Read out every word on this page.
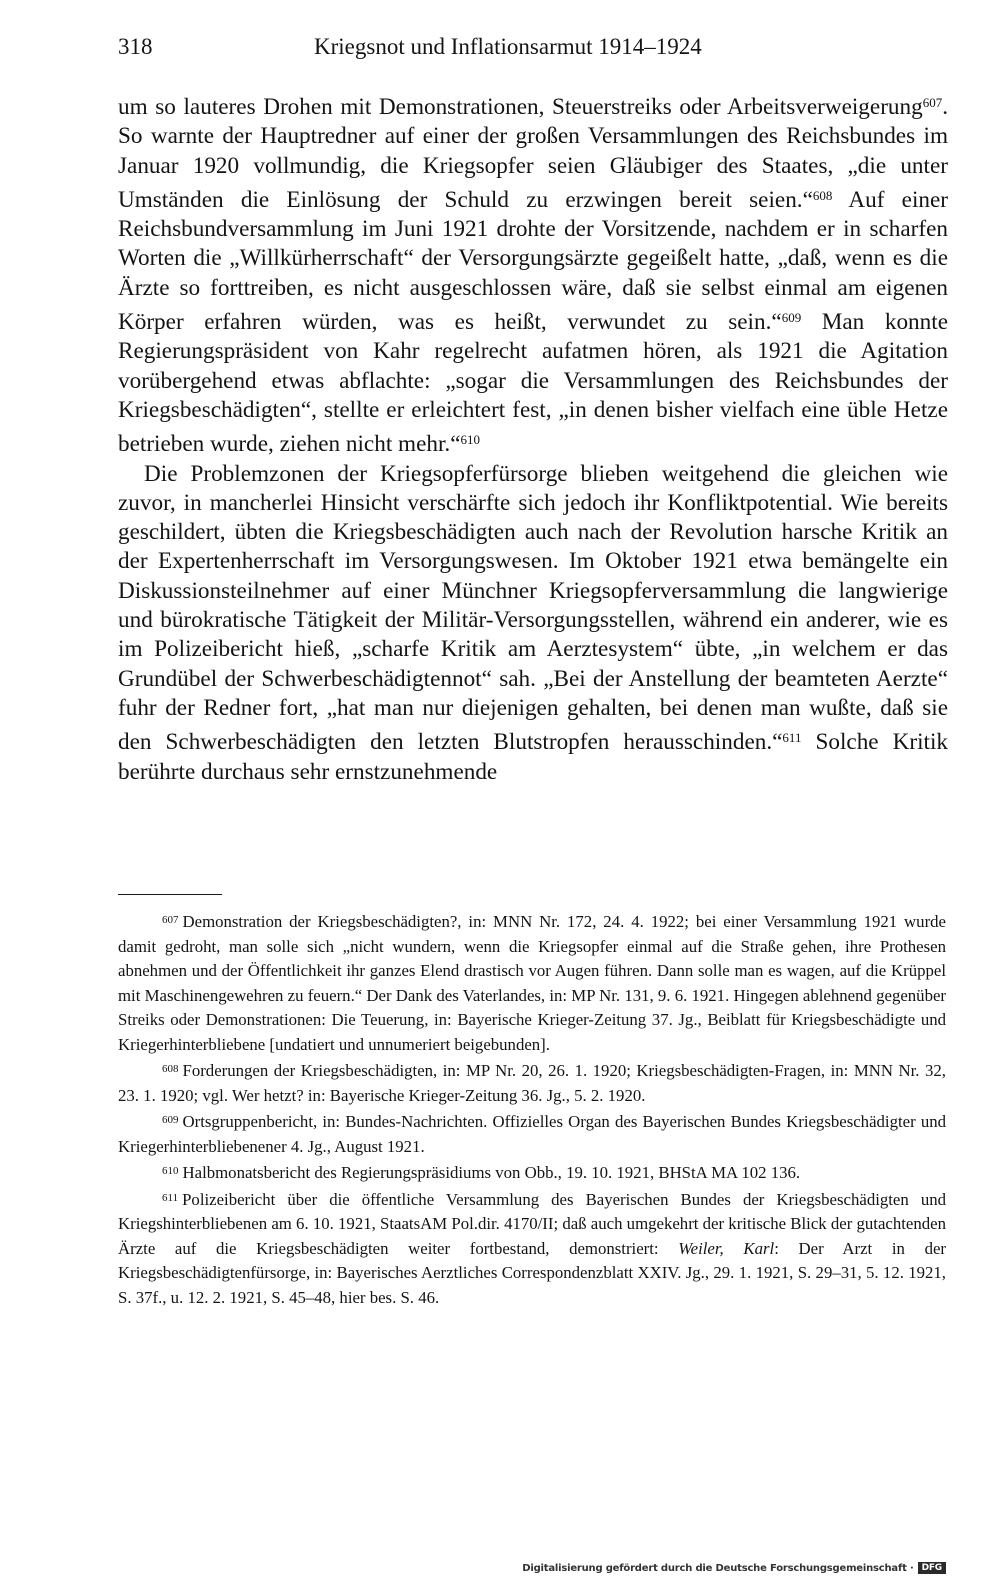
318	Kriegsnot und Inflationsarmut 1914–1924

um so lauteres Drohen mit Demonstrationen, Steuerstreiks oder Arbeitsverweigerung$^{607}$. So warnte der Hauptredner auf einer der großen Versammlungen des Reichsbundes im Januar 1920 vollmundig, die Kriegsopfer seien Gläubiger des Staates, „die unter Umständen die Einlösung der Schuld zu erzwingen bereit seien.“$^{608}$ Auf einer Reichsbundversammlung im Juni 1921 drohte der Vorsitzende, nachdem er in scharfen Worten die „Willkürherrschaft“ der Versorgungsärzte gegeißelt hatte, „daß, wenn es die Ärzte so forttreiben, es nicht ausgeschlossen wäre, daß sie selbst einmal am eigenen Körper erfahren würden, was es heißt, verwundet zu sein.“$^{609}$ Man konnte Regierungspräsident von Kahr regelrecht aufatmen hören, als 1921 die Agitation vorübergehend etwas abflachte: „sogar die Versammlungen des Reichsbundes der Kriegsbeschädigten“, stellte er erleichtert fest, „in denen bisher vielfach eine üble Hetze betrieben wurde, ziehen nicht mehr.“$^{610}$

Die Problemzonen der Kriegsopferfürsorge blieben weitgehend die gleichen wie zuvor, in mancherlei Hinsicht verschärfte sich jedoch ihr Konfliktpotential. Wie bereits geschildert, übten die Kriegsbeschädigten auch nach der Revolution harsche Kritik an der Expertenherrschaft im Versorgungswesen. Im Oktober 1921 etwa bemängelte ein Diskussionsteilnehmer auf einer Münchner Kriegsopferversammlung die langwierige und bürokratische Tätigkeit der Militär-Versorgungsstellen, während ein anderer, wie es im Polizeibericht hieß, „scharfe Kritik am Aerztesystem“ übte, „in welchem er das Grundübel der Schwerbeschädigtennot“ sah. „Bei der Anstellung der beamteten Aerzte“ fuhr der Redner fort, „hat man nur diejenigen gehalten, bei denen man wußte, daß sie den Schwerbeschädigten den letzten Blutstropfen herausschinden.“$^{611}$ Solche Kritik berührte durchaus sehr ernstzunehmende

$^{607}$ Demonstration der Kriegsbeschädigten?, in: MNN Nr. 172, 24. 4. 1922; bei einer Versammlung 1921 wurde damit gedroht, man solle sich „nicht wundern, wenn die Kriegsopfer einmal auf die Straße gehen, ihre Prothesen abnehmen und der Öffentlichkeit ihr ganzes Elend drastisch vor Augen führen. Dann solle man es wagen, auf die Krüppel mit Maschinengewehren zu feuern.“ Der Dank des Vaterlandes, in: MP Nr. 131, 9. 6. 1921. Hingegen ablehnend gegenüber Streiks oder Demonstrationen: Die Teuerung, in: Bayerische Krieger-Zeitung 37. Jg., Beiblatt für Kriegsbeschädigte und Kriegerhinterbliebene [undatiert und unnumeriert beigebunden].

$^{608}$ Forderungen der Kriegsbeschädigten, in: MP Nr. 20, 26. 1. 1920; Kriegsbeschädigten-Fragen, in: MNN Nr. 32, 23. 1. 1920; vgl. Wer hetzt? in: Bayerische Krieger-Zeitung 36. Jg., 5. 2. 1920.

$^{609}$ Ortsgruppenbericht, in: Bundes-Nachrichten. Offizielles Organ des Bayerischen Bundes Kriegsbeschädigter und Kriegerhinterbliebenener 4. Jg., August 1921.

$^{610}$ Halbmonatsbericht des Regierungspräsidiums von Obb., 19. 10. 1921, BHStA MA 102 136.

$^{611}$ Polizeibericht über die öffentliche Versammlung des Bayerischen Bundes der Kriegsbeschädigten und Kriegshinterbliebenen am 6. 10. 1921, StaatsAM Pol.dir. 4170/II; daß auch umgekehrt der kritische Blick der gutachtenden Ärzte auf die Kriegsbeschädigten weiter fortbestand, demonstriert: Weiler, Karl: Der Arzt in der Kriegsbeschädigtenfürsorge, in: Bayerisches Aerztliches Correspondenzblatt XXIV. Jg., 29. 1. 1921, S. 29–31, 5. 12. 1921, S. 37f., u. 12. 2. 1921, S. 45–48, hier bes. S. 46.

Digitalisierung gefördert durch die Deutsche Forschungsgemeinschaft · DFG
